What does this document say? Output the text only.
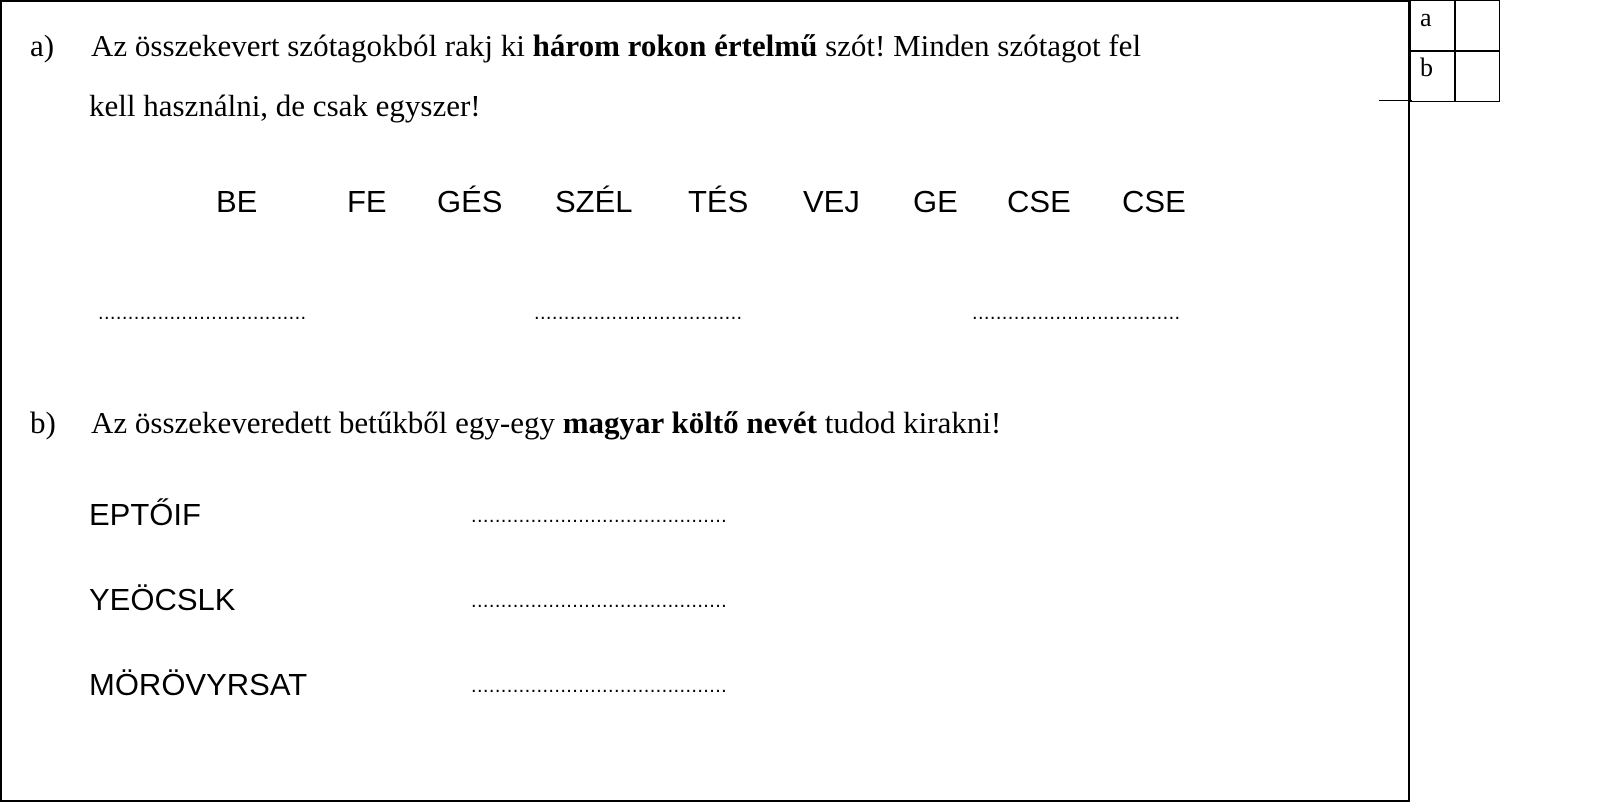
a) Az összekevert szótagokból rakj ki három rokon értelmű szót! Minden szótagot fel
kell használni, de csak egyszer!
BE	FE GÉS SZÉL TÉS VEJ GE CSE CSE
...................................	...................................	...................................
b) Az összekeveredett betűkből egy-egy magyar költő nevét tudod kirakni!
EPTŐIF	...........................................
YEÖCSLK	...........................................
MÖRÖVYRSAT	...........................................
a
b
